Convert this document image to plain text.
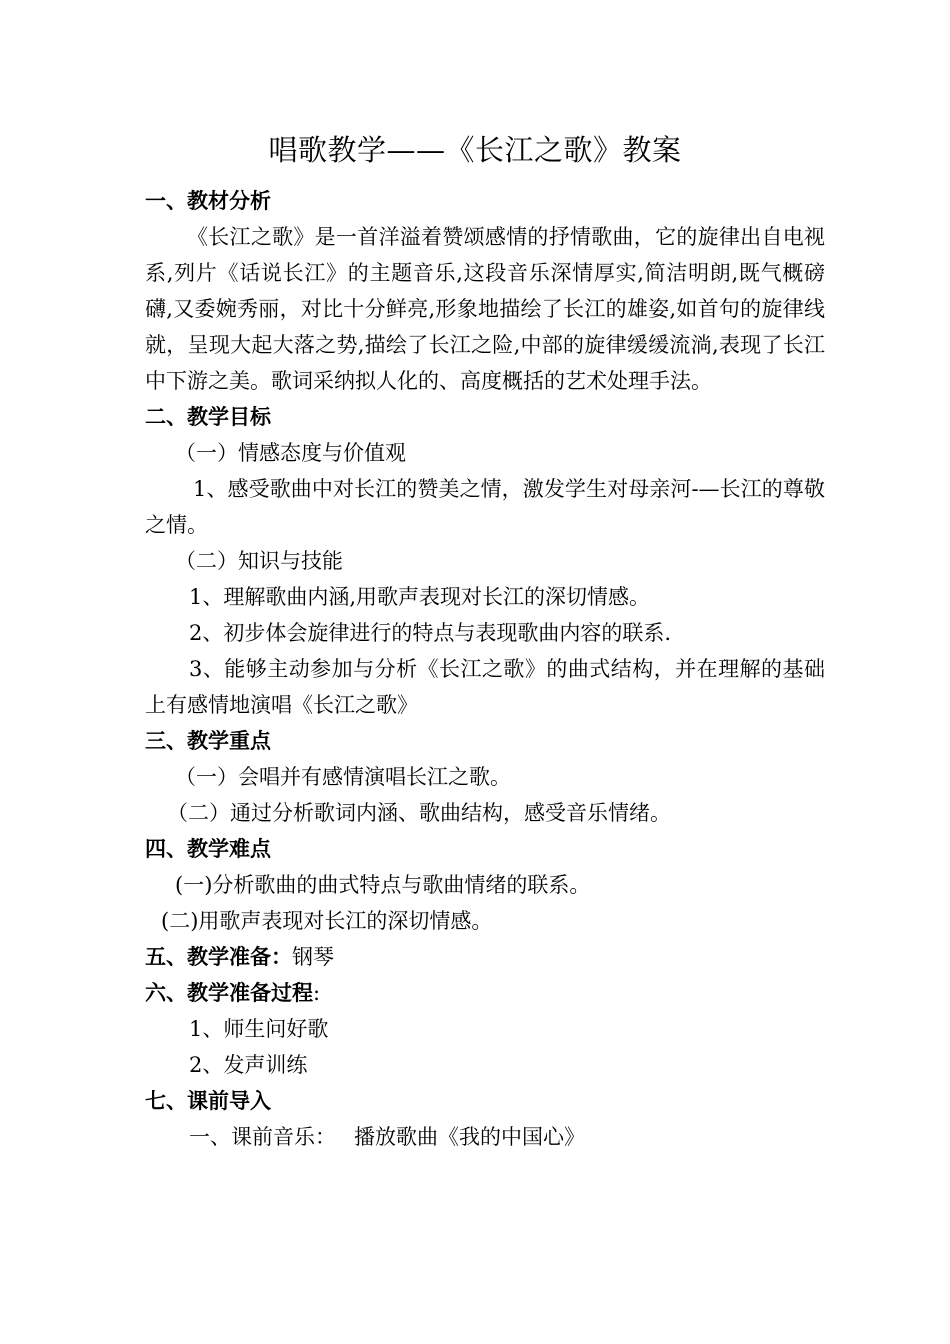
唱歌教学——《长江之歌》教案

一、教材分析

《长江之歌》是一首洋溢着赞颂感情的抒情歌曲，它的旋律出自电视系,列片《话说长江》的主题音乐,这段音乐深情厚实,简洁明朗,既气概磅礴,又委婉秀丽，对比十分鲜亮,形象地描绘了长江的雄姿,如首句的旋律线就，呈现大起大落之势,描绘了长江之险,中部的旋律缓缓流淌,表现了长江中下游之美。歌词采纳拟人化的、高度概括的艺术处理手法。

二、教学目标

（一）情感态度与价值观

1、感受歌曲中对长江的赞美之情，激发学生对母亲河-—长江的尊敬之情。

（二）知识与技能

1、理解歌曲内涵,用歌声表现对长江的深切情感。

2、初步体会旋律进行的特点与表现歌曲内容的联系.

3、能够主动参加与分析《长江之歌》的曲式结构，并在理解的基础上有感情地演唱《长江之歌》

三、教学重点

（一）会唱并有感情演唱长江之歌。

（二）通过分析歌词内涵、歌曲结构，感受音乐情绪。

四、教学难点

(一)分析歌曲的曲式特点与歌曲情绪的联系。

(二)用歌声表现对长江的深切情感。

五、教学准备：钢琴

六、教学准备过程:

1、师生问好歌

2、发声训练

七、课前导入

一、课前音乐： 播放歌曲《我的中国心》
